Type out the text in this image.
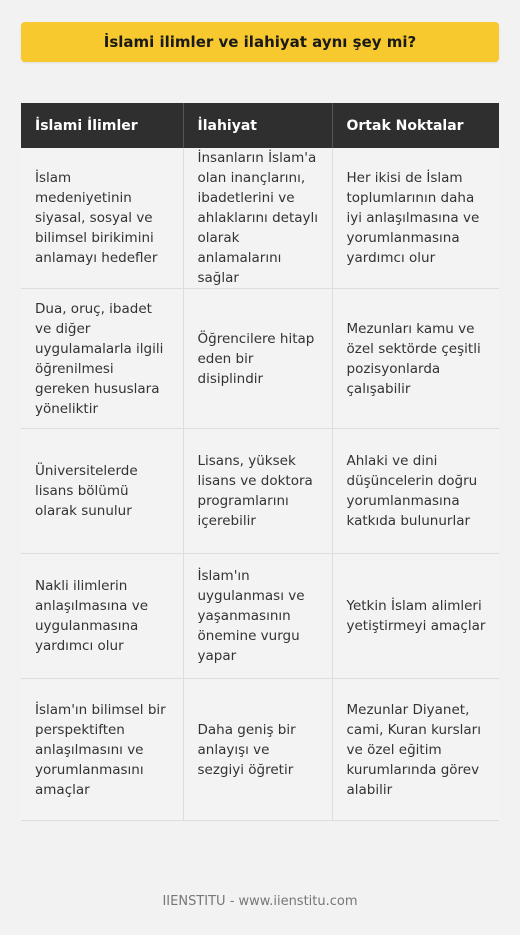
İslami ilimler ve ilahiyat aynı şey mi?
İslami İlimler	İlahiyat	Ortak Noktalar
İslam medeniyetinin siyasal, sosyal ve bilimsel birikimini anlamayı hedefler	İnsanların İslam'a olan inançlarını, ibadetlerini ve ahlaklarını detaylı olarak anlamalarını sağlar	Her ikisi de İslam toplumlarının daha iyi anlaşılmasına ve yorumlanmasına yardımcı olur
Dua, oruç, ibadet ve diğer uygulamalarla ilgili öğrenilmesi gereken hususlara yöneliktir	Öğrencilere hitap eden bir disiplindir	Mezunları kamu ve özel sektörde çeşitli pozisyonlarda çalışabilir
Üniversitelerde lisans bölümü olarak sunulur	Lisans, yüksek lisans ve doktora programlarını içerebilir	Ahlaki ve dini düşüncelerin doğru yorumlanmasına katkıda bulunurlar
Nakli ilimlerin anlaşılmasına ve uygulanmasına yardımcı olur	İslam'ın uygulanması ve yaşanmasının önemine vurgu yapar	Yetkin İslam alimleri yetiştirmeyi amaçlar
İslam'ın bilimsel bir perspektiften anlaşılmasını ve yorumlanmasını amaçlar	Daha geniş bir anlayışı ve sezgiyi öğretir	Mezunlar Diyanet, cami, Kuran kursları ve özel eğitim kurumlarında görev alabilir
IIENSTITU - www.iienstitu.com
